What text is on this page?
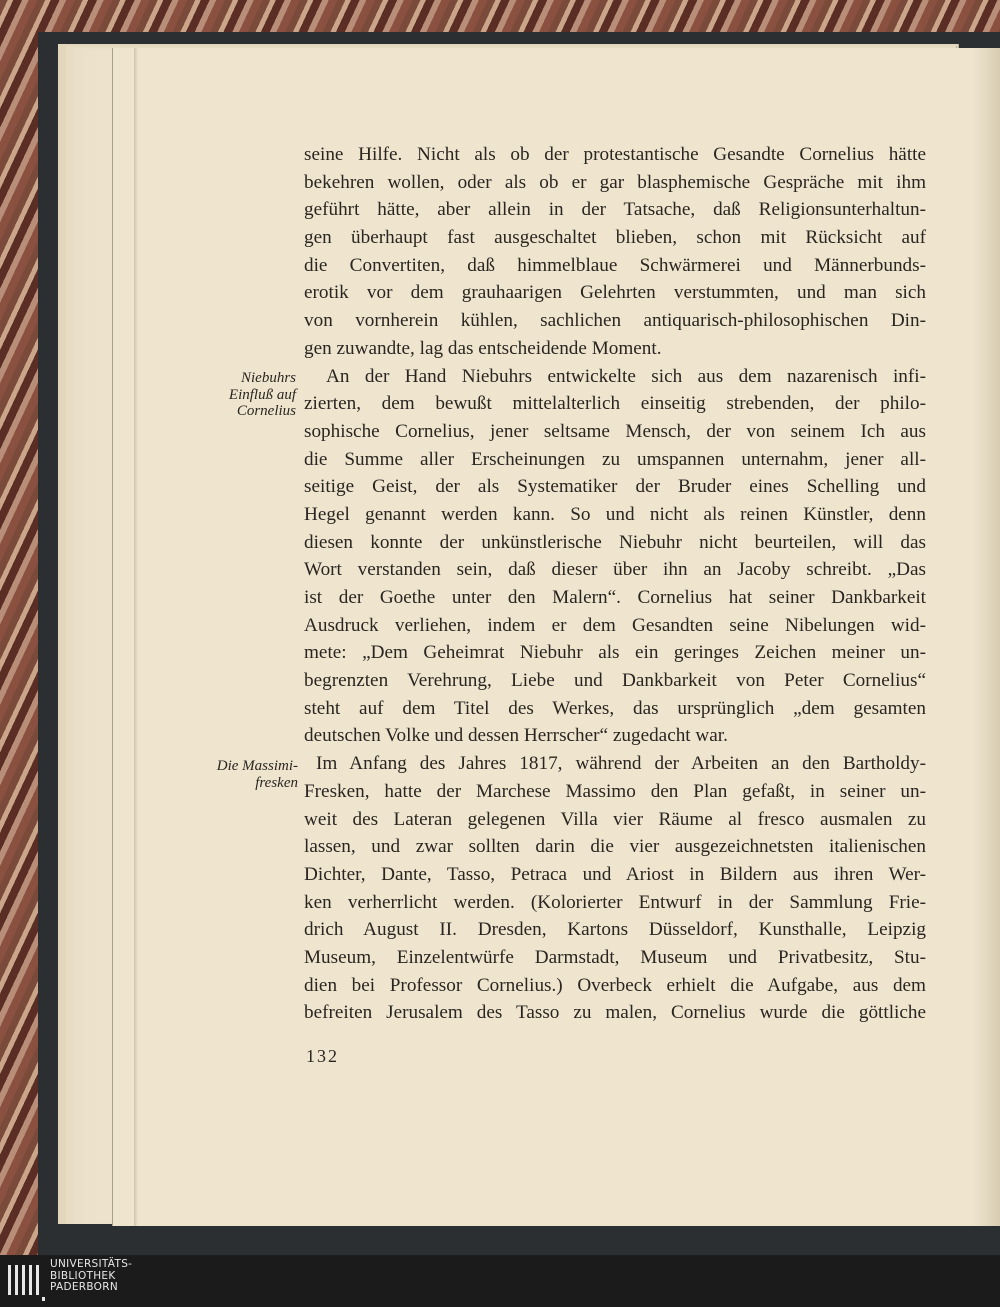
seine Hilfe. Nicht als ob der protestantische Gesandte Cornelius hätte
bekehren wollen, oder als ob er gar blasphemische Gespräche mit ihm
geführt hätte, aber allein in der Tatsache, daß Religionsunterhaltun-
gen überhaupt fast ausgeschaltet blieben, schon mit Rücksicht auf
die Convertiten, daß himmelblaue Schwärmerei und Männerbunds-
erotik vor dem grauhaarigen Gelehrten verstummten, und man sich
von vornherein kühlen, sachlichen antiquarisch-philosophischen Din-
gen zuwandte, lag das entscheidende Moment.
An der Hand Niebuhrs entwickelte sich aus dem nazarenisch infi-
zierten, dem bewußt mittelalterlich einseitig strebenden, der philo-
sophische Cornelius, jener seltsame Mensch, der von seinem Ich aus
die Summe aller Erscheinungen zu umspannen unternahm, jener all-
seitige Geist, der als Systematiker der Bruder eines Schelling und
Hegel genannt werden kann. So und nicht als reinen Künstler, denn
diesen konnte der unkünstlerische Niebuhr nicht beurteilen, will das
Wort verstanden sein, daß dieser über ihn an Jacoby schreibt. „Das
ist der Goethe unter den Malern“. Cornelius hat seiner Dankbarkeit
Ausdruck verliehen, indem er dem Gesandten seine Nibelungen wid-
mete: „Dem Geheimrat Niebuhr als ein geringes Zeichen meiner un-
begrenzten Verehrung, Liebe und Dankbarkeit von Peter Cornelius“
steht auf dem Titel des Werkes, das ursprünglich „dem gesamten
deutschen Volke und dessen Herrscher“ zugedacht war.
Im Anfang des Jahres 1817, während der Arbeiten an den Bartholdy-
Fresken, hatte der Marchese Massimo den Plan gefaßt, in seiner un-
weit des Lateran gelegenen Villa vier Räume al fresco ausmalen zu
lassen, und zwar sollten darin die vier ausgezeichnetsten italienischen
Dichter, Dante, Tasso, Petraca und Ariost in Bildern aus ihren Wer-
ken verherrlicht werden. (Kolorierter Entwurf in der Sammlung Frie-
drich August II. Dresden, Kartons Düsseldorf, Kunsthalle, Leipzig
Museum, Einzelentwürfe Darmstadt, Museum und Privatbesitz, Stu-
dien bei Professor Cornelius.) Overbeck erhielt die Aufgabe, aus dem
befreiten Jerusalem des Tasso zu malen, Cornelius wurde die göttliche
Niebuhrs
Einfluß auf
Cornelius
Die Massimi-
fresken
132
UNIVERSITÄTS-
BIBLIOTHEK
PADERBORN
